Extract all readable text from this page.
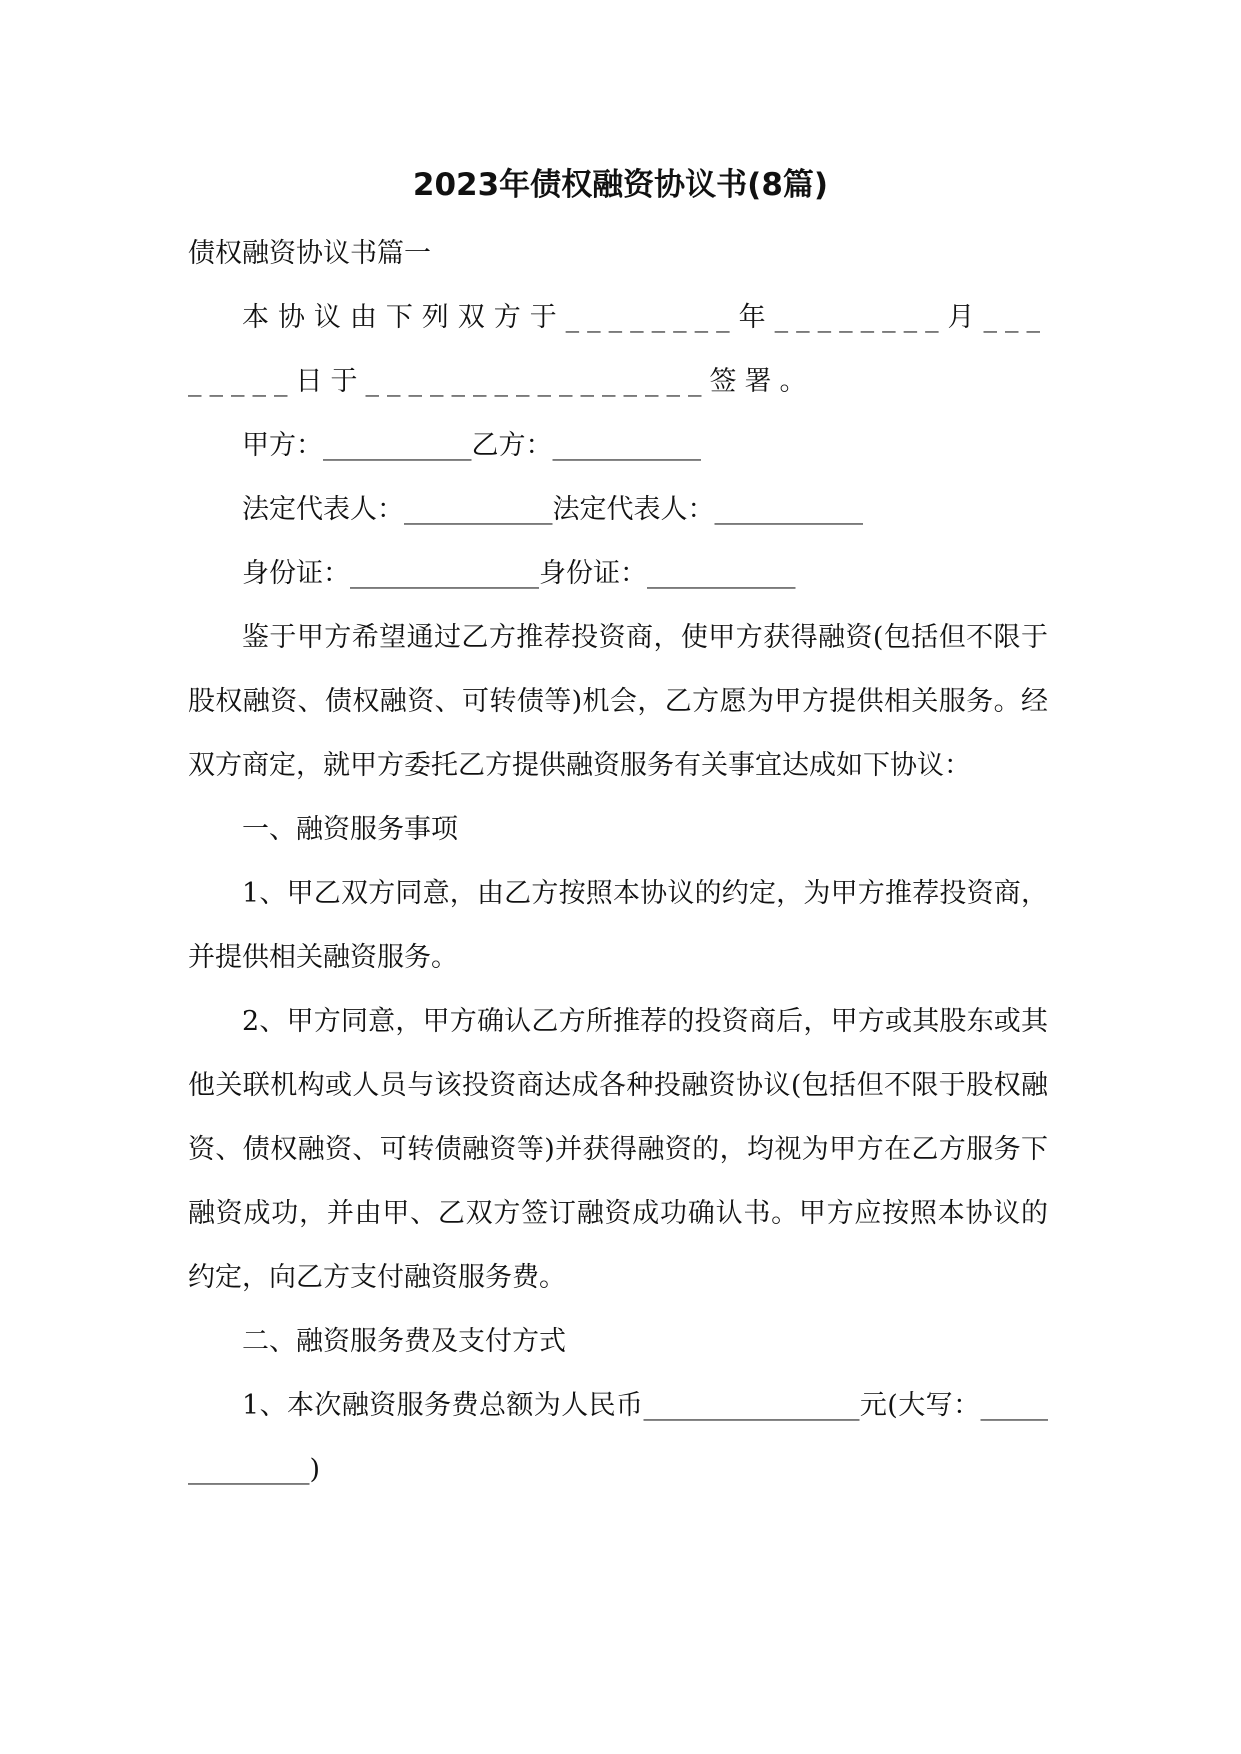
2023年债权融资协议书(8篇)

债权融资协议书篇一

本协议由下列双方于________年________月________日于________________签署。

甲方：___________乙方：___________

法定代表人：___________法定代表人：___________

身份证：______________身份证：___________

鉴于甲方希望通过乙方推荐投资商，使甲方获得融资(包括但不限于股权融资、债权融资、可转债等)机会，乙方愿为甲方提供相关服务。经双方商定，就甲方委托乙方提供融资服务有关事宜达成如下协议：

一、融资服务事项

1、甲乙双方同意，由乙方按照本协议的约定，为甲方推荐投资商，并提供相关融资服务。

2、甲方同意，甲方确认乙方所推荐的投资商后，甲方或其股东或其他关联机构或人员与该投资商达成各种投融资协议(包括但不限于股权融资、债权融资、可转债融资等)并获得融资的，均视为甲方在乙方服务下融资成功，并由甲、乙双方签订融资成功确认书。甲方应按照本协议的约定，向乙方支付融资服务费。

二、融资服务费及支付方式

1、本次融资服务费总额为人民币________________元(大写：______________)
